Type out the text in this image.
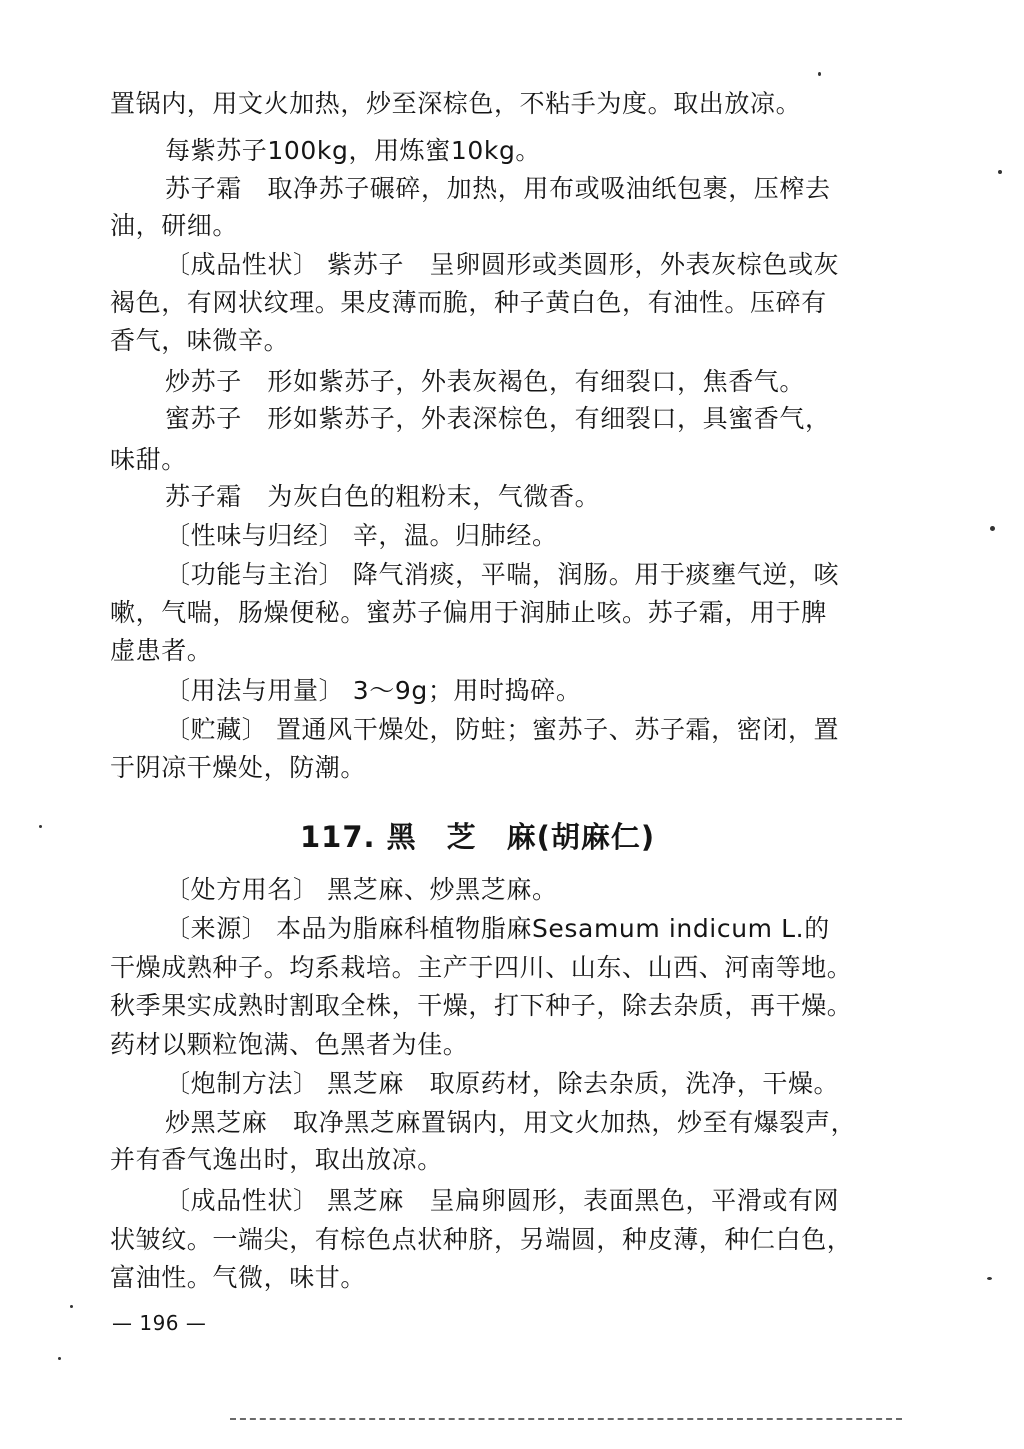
置锅内，用文火加热，炒至深棕色，不粘手为度。取出放凉。
每紫苏子100kg，用炼蜜10kg。
苏子霜　取净苏子碾碎，加热，用布或吸油纸包裹，压榨去
油，研细。
〔成品性状〕 紫苏子　呈卵圆形或类圆形，外表灰棕色或灰
褐色，有网状纹理。果皮薄而脆，种子黄白色，有油性。压碎有
香气，味微辛。
炒苏子　形如紫苏子，外表灰褐色，有细裂口，焦香气。
蜜苏子　形如紫苏子，外表深棕色，有细裂口，具蜜香气，
味甜。
苏子霜　为灰白色的粗粉末，气微香。
〔性味与归经〕 辛，温。归肺经。
〔功能与主治〕 降气消痰，平喘，润肠。用于痰壅气逆，咳
嗽，气喘，肠燥便秘。蜜苏子偏用于润肺止咳。苏子霜，用于脾
虚患者。
〔用法与用量〕 3～9g；用时捣碎。
〔贮藏〕 置通风干燥处，防蛀；蜜苏子、苏子霜，密闭，置
于阴凉干燥处，防潮。
117. 黑　芝　麻(胡麻仁)
〔处方用名〕 黑芝麻、炒黑芝麻。
〔来源〕 本品为脂麻科植物脂麻Sesamum indicum L.的
干燥成熟种子。均系栽培。主产于四川、山东、山西、河南等地。
秋季果实成熟时割取全株，干燥，打下种子，除去杂质，再干燥。
药材以颗粒饱满、色黑者为佳。
〔炮制方法〕 黑芝麻　取原药材，除去杂质，洗净，干燥。
炒黑芝麻　取净黑芝麻置锅内，用文火加热，炒至有爆裂声，
并有香气逸出时，取出放凉。
〔成品性状〕 黑芝麻　呈扁卵圆形，表面黑色，平滑或有网
状皱纹。一端尖，有棕色点状种脐，另端圆，种皮薄，种仁白色，
富油性。气微，味甘。
— 196 —
